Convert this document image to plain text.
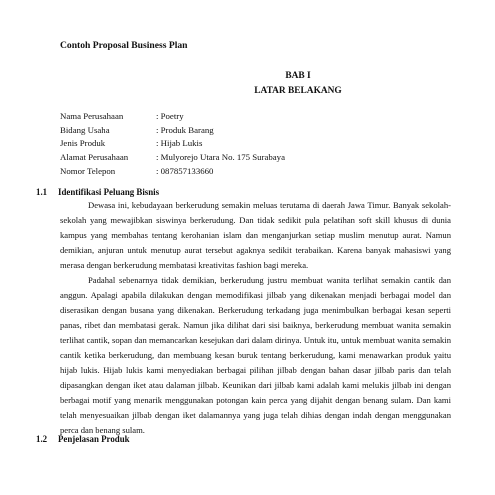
Contoh Proposal Business Plan
BAB I
LATAR BELAKANG
Nama Perusahaan	: Poetry
Bidang Usaha	: Produk Barang
Jenis Produk	: Hijab Lukis
Alamat Perusahaan	: Mulyorejo Utara No. 175 Surabaya
Nomor Telepon	: 087857133660
1.1 Identifikasi Peluang Bisnis

Dewasa ini, kebudayaan berkerudung semakin meluas terutama di daerah Jawa Timur. Banyak sekolah-sekolah yang mewajibkan siswinya berkerudung. Dan tidak sedikit pula pelatihan soft skill khusus di dunia kampus yang membahas tentang kerohanian islam dan menganjurkan setiap muslim menutup aurat. Namun demikian, anjuran untuk menutup aurat tersebut agaknya sedikit terabaikan. Karena banyak mahasiswi yang merasa dengan berkerudung membatasi kreativitas fashion bagi mereka.

Padahal sebenarnya tidak demikian, berkerudung justru membuat wanita terlihat semakin cantik dan anggun. Apalagi apabila dilakukan dengan memodifikasi jilbab yang dikenakan menjadi berbagai model dan diserasikan dengan busana yang dikenakan. Berkerudung terkadang juga menimbulkan berbagai kesan seperti panas, ribet dan membatasi gerak. Namun jika dilihat dari sisi baiknya, berkerudung membuat wanita semakin terlihat cantik, sopan dan memancarkan kesejukan dari dalam dirinya. Untuk itu, untuk membuat wanita semakin cantik ketika berkerudung, dan membuang kesan buruk tentang berkerudung, kami menawarkan produk yaitu hijab lukis. Hijab lukis kami menyediakan berbagai pilihan jilbab dengan bahan dasar jilbab paris dan telah dipasangkan dengan iket atau dalaman jilbab. Keunikan dari jilbab kami adalah kami melukis jilbab ini dengan berbagai motif yang menarik menggunakan potongan kain perca yang dijahit dengan benang sulam. Dan kami telah menyesuaikan jilbab dengan iket dalamannya yang juga telah dihias dengan indah dengan menggunakan perca dan benang sulam.

1.2 Penjelasan Produk
